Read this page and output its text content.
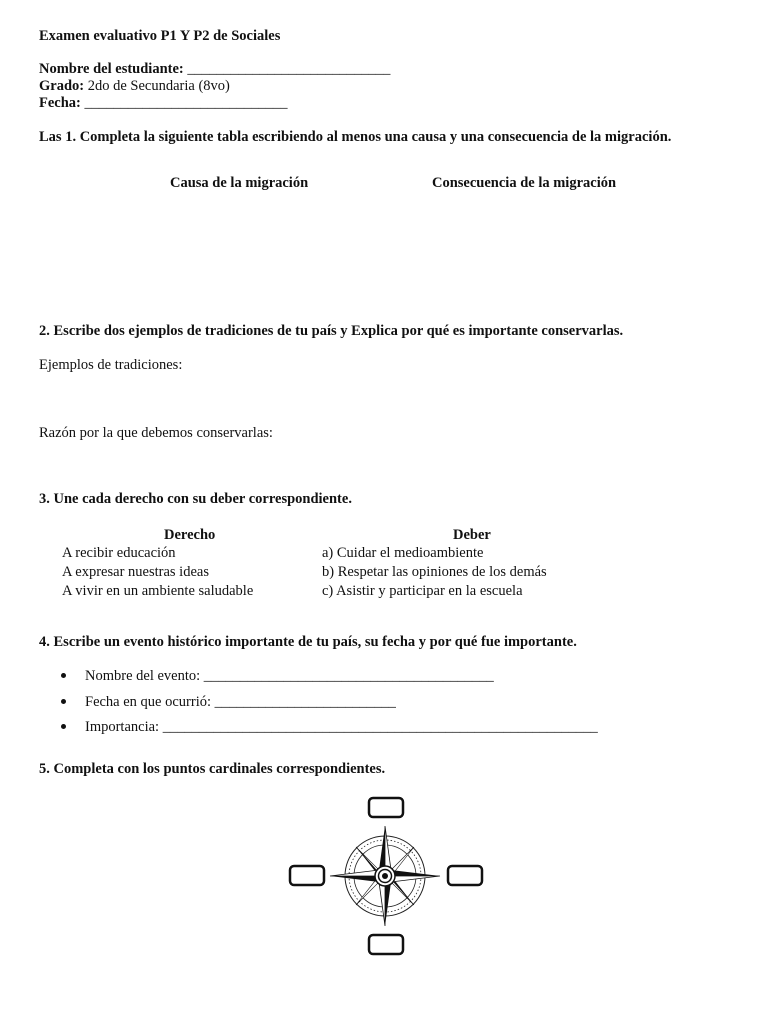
Examen evaluativo P1 Y P2 de Sociales
Nombre del estudiante: ____________________________
Grado: 2do de Secundaria (8vo)
Fecha: ____________________________
Las 1. Completa la siguiente tabla escribiendo al menos una causa y una consecuencia de la migración.
Causa de la migración	Consecuencia de la migración
2. Escribe dos ejemplos de tradiciones de tu país y Explica por qué es importante conservarlas.
Ejemplos de tradiciones:
Razón por la que debemos conservarlas:
3. Une cada derecho con su deber correspondiente.
Derecho	Deber
A recibir educación
A expresar nuestras ideas
A vivir en un ambiente saludable
a) Cuidar el medioambiente
b) Respetar las opiniones de los demás
c) Asistir y participar en la escuela
4. Escribe un evento histórico importante de tu país, su fecha y por qué fue importante.
Nombre del evento: ________________________________________
Fecha en que ocurrió: _________________________
Importancia: ____________________________________________________________
5. Completa con los puntos cardinales correspondientes.
